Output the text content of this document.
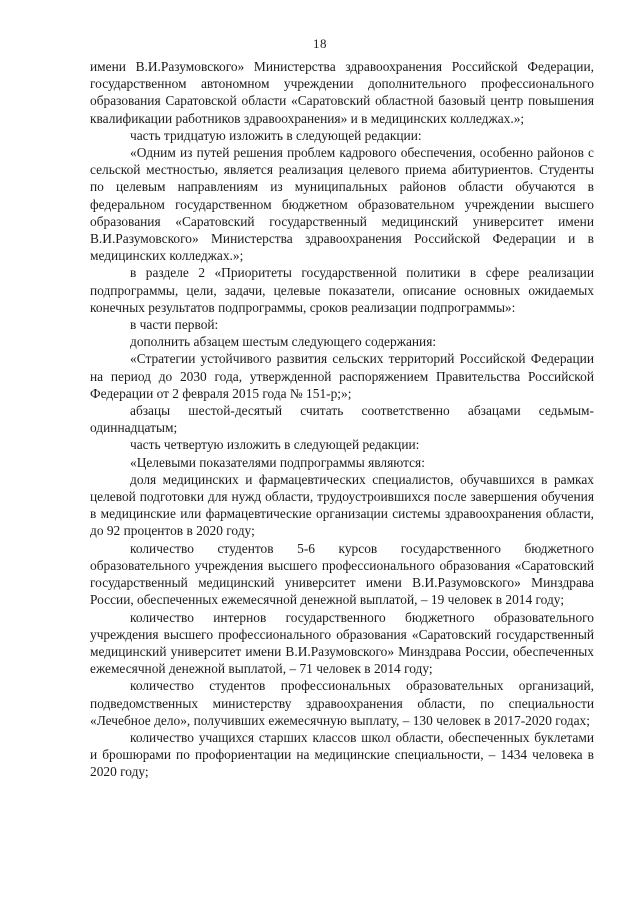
18

имени В.И.Разумовского» Министерства здравоохранения Российской Федерации, государственном автономном учреждении дополнительного профессионального образования Саратовской области «Саратовский областной базовый центр повышения квалификации работников здравоохранения» и в медицинских колледжах.»;

часть тридцатую изложить в следующей редакции:

«Одним из путей решения проблем кадрового обеспечения, особенно районов с сельской местностью, является реализация целевого приема абитуриентов. Студенты по целевым направлениям из муниципальных районов области обучаются в федеральном государственном бюджетном образовательном учреждении высшего образования «Саратовский государственный медицинский университет имени В.И.Разумовского» Министерства здравоохранения Российской Федерации и в медицинских колледжах.»;

в разделе 2 «Приоритеты государственной политики в сфере реализации подпрограммы, цели, задачи, целевые показатели, описание основных ожидаемых конечных результатов подпрограммы, сроков реализации подпрограммы»:

в части первой:

дополнить абзацем шестым следующего содержания:

«Стратегии устойчивого развития сельских территорий Российской Федерации на период до 2030 года, утвержденной распоряжением Правительства Российской Федерации от 2 февраля 2015 года № 151-р;»;

абзацы шестой-десятый считать соответственно абзацами седьмым-одиннадцатым;

часть четвертую изложить в следующей редакции:

«Целевыми показателями подпрограммы являются:

доля медицинских и фармацевтических специалистов, обучавшихся в рамках целевой подготовки для нужд области, трудоустроившихся после завершения обучения в медицинские или фармацевтические организации системы здравоохранения области, до 92 процентов в 2020 году;

количество студентов 5-6 курсов государственного бюджетного образовательного учреждения высшего профессионального образования «Саратовский государственный медицинский университет имени В.И.Разумовского» Минздрава России, обеспеченных ежемесячной денежной выплатой, – 19 человек в 2014 году;

количество интернов государственного бюджетного образовательного учреждения высшего профессионального образования «Саратовский государственный медицинский университет имени В.И.Разумовского» Минздрава России, обеспеченных ежемесячной денежной выплатой, – 71 человек в 2014 году;

количество студентов профессиональных образовательных организаций, подведомственных министерству здравоохранения области, по специальности «Лечебное дело», получивших ежемесячную выплату, – 130 человек в 2017-2020 годах;

количество учащихся старших классов школ области, обеспеченных буклетами и брошюрами по профориентации на медицинские специальности, – 1434 человека в 2020 году;
